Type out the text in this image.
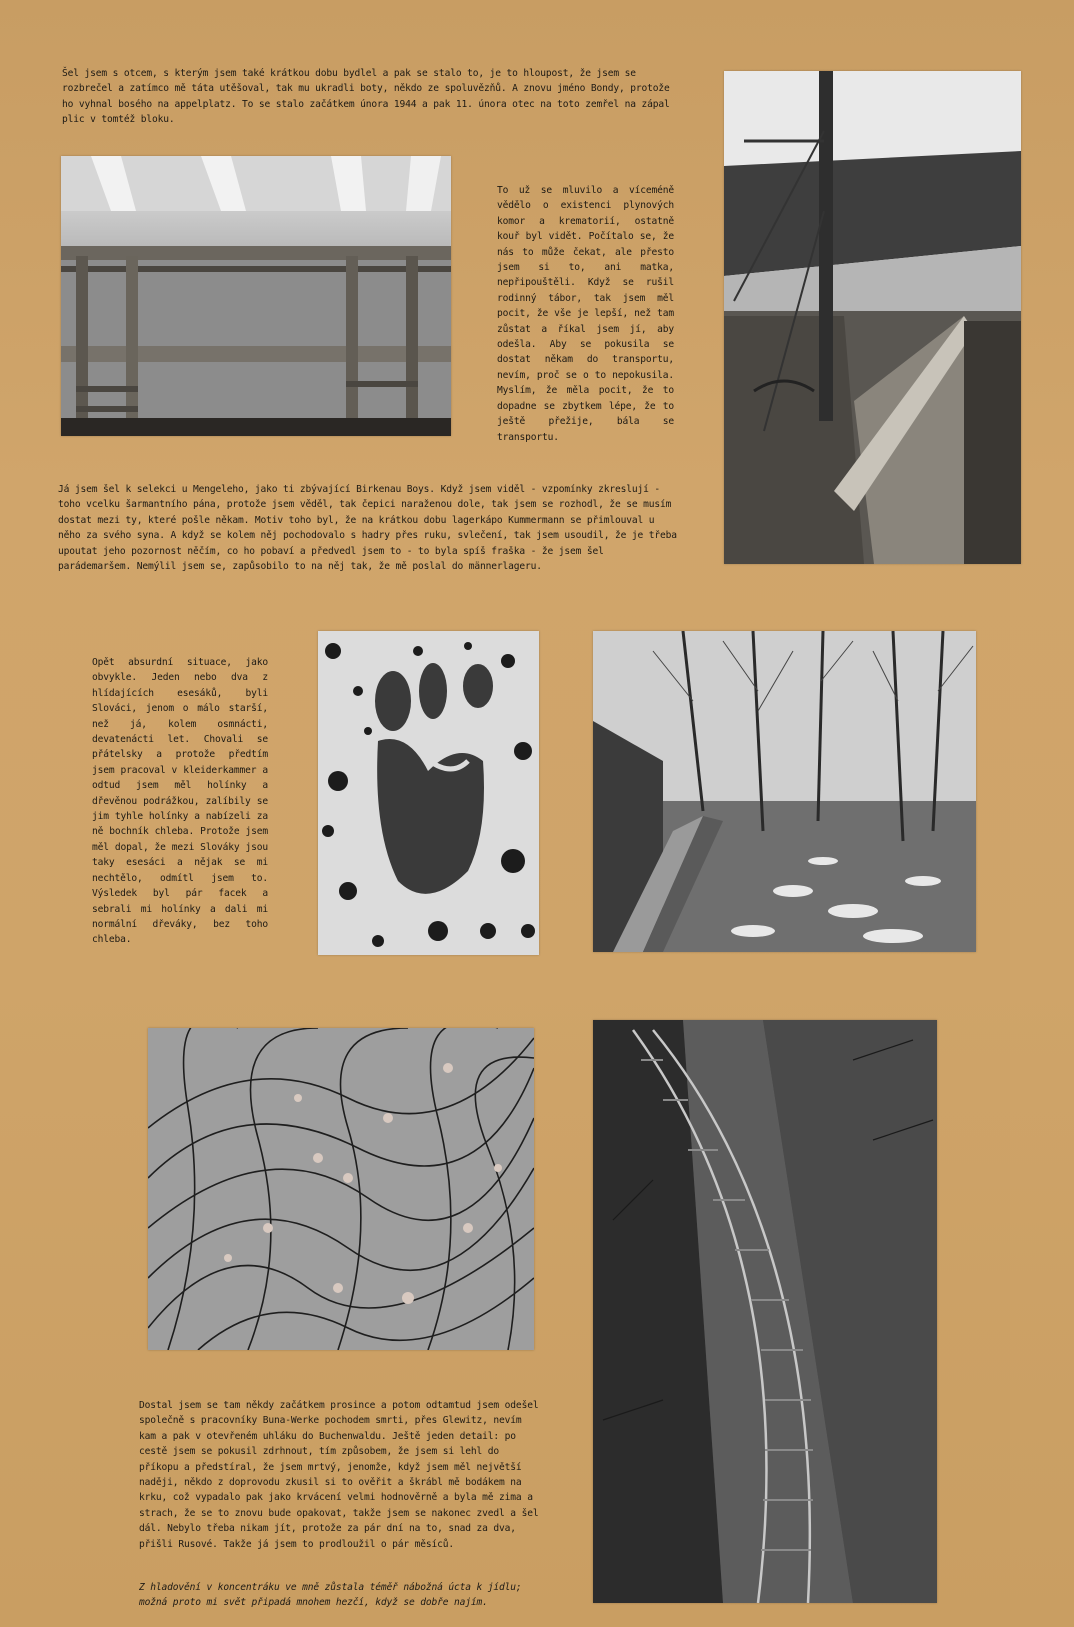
Šel jsem s otcem, s kterým jsem také krátkou dobu bydlel a pak se stalo to, je to hloupost, že jsem se rozbrečel a zatímco mě táta utěšoval, tak mu ukradli boty, někdo ze spoluvězňů. A znovu jméno Bondy, protože ho vyhnal bosého na appelplatz. To se stalo začátkem února 1944 a pak 11. února otec na toto zemřel na zápal plic v tomtéž bloku.
To už se mluvilo a víceméně vědělo o existenci plynových komor a krematorií, ostatně kouř byl vidět. Počítalo se, že nás to může čekat, ale přesto jsem si to, ani matka, nepřipouštěli. Když se rušil rodinný tábor, tak jsem měl pocit, že vše je lepší, než tam zůstat a říkal jsem jí, aby odešla. Aby se pokusila se dostat někam do transportu, nevím, proč se o to nepokusila. Myslím, že měla pocit, že to dopadne se zbytkem lépe, že to ještě přežije, bála se transportu.
Já jsem šel k selekci u Mengeleho, jako ti zbývající Birkenau Boys. Když jsem viděl - vzpomínky zkreslují - toho vcelku šarmantního pána, protože jsem věděl, tak čepici naraženou dole, tak jsem se rozhodl, že se musím dostat mezi ty, které pošle někam. Motiv toho byl, že na krátkou dobu lagerkápo Kummermann se přimlouval u něho za svého syna. A když se kolem něj pochodovalo s hadry přes ruku, svlečení, tak jsem usoudil, že je třeba upoutat jeho pozornost něčím, co ho pobaví a předvedl jsem to - to byla spíš fraška - že jsem šel parádemaršem. Nemýlil jsem se, zapůsobilo to na něj tak, že mě poslal do männerlageru.
Opět absurdní situace, jako obvykle. Jeden nebo dva z hlídajících esesáků, byli Slováci, jenom o málo starší, než já, kolem osmnácti, devatenácti let. Chovali se přátelsky a protože předtím jsem pracoval v kleiderkammer a odtud jsem měl holínky a dřevěnou podrážkou, zalíbily se jim tyhle holínky a nabízeli za ně bochník chleba. Protože jsem měl dopal, že mezi Slováky jsou taky esesáci a nějak se mi nechtělo, odmítl jsem to. Výsledek byl pár facek a sebrali mi holínky a dali mi normální dřeváky, bez toho chleba.
Dostal jsem se tam někdy začátkem prosince a potom odtamtud jsem odešel společně s pracovníky Buna-Werke pochodem smrti, přes Glewitz, nevím kam a pak v otevřeném uhláku do Buchenwaldu. Ještě jeden detail: po cestě jsem se pokusil zdrhnout, tím způsobem, že jsem si lehl do příkopu a předstíral, že jsem mrtvý, jenomže, když jsem měl největší naději, někdo z doprovodu zkusil si to ověřit a škrábl mě bodákem na krku, což vypadalo pak jako krvácení velmi hodnověrně a byla mě zima a strach, že se to znovu bude opakovat, takže jsem se nakonec zvedl a šel dál. Nebylo třeba nikam jít, protože za pár dní na to, snad za dva, přišli Rusové. Takže já jsem to prodloužil o pár měsíců.
Z hladovění v koncentráku ve mně zůstala téměř nábožná úcta k jídlu; možná proto mi svět připadá mnohem hezčí, když se dobře najím.
